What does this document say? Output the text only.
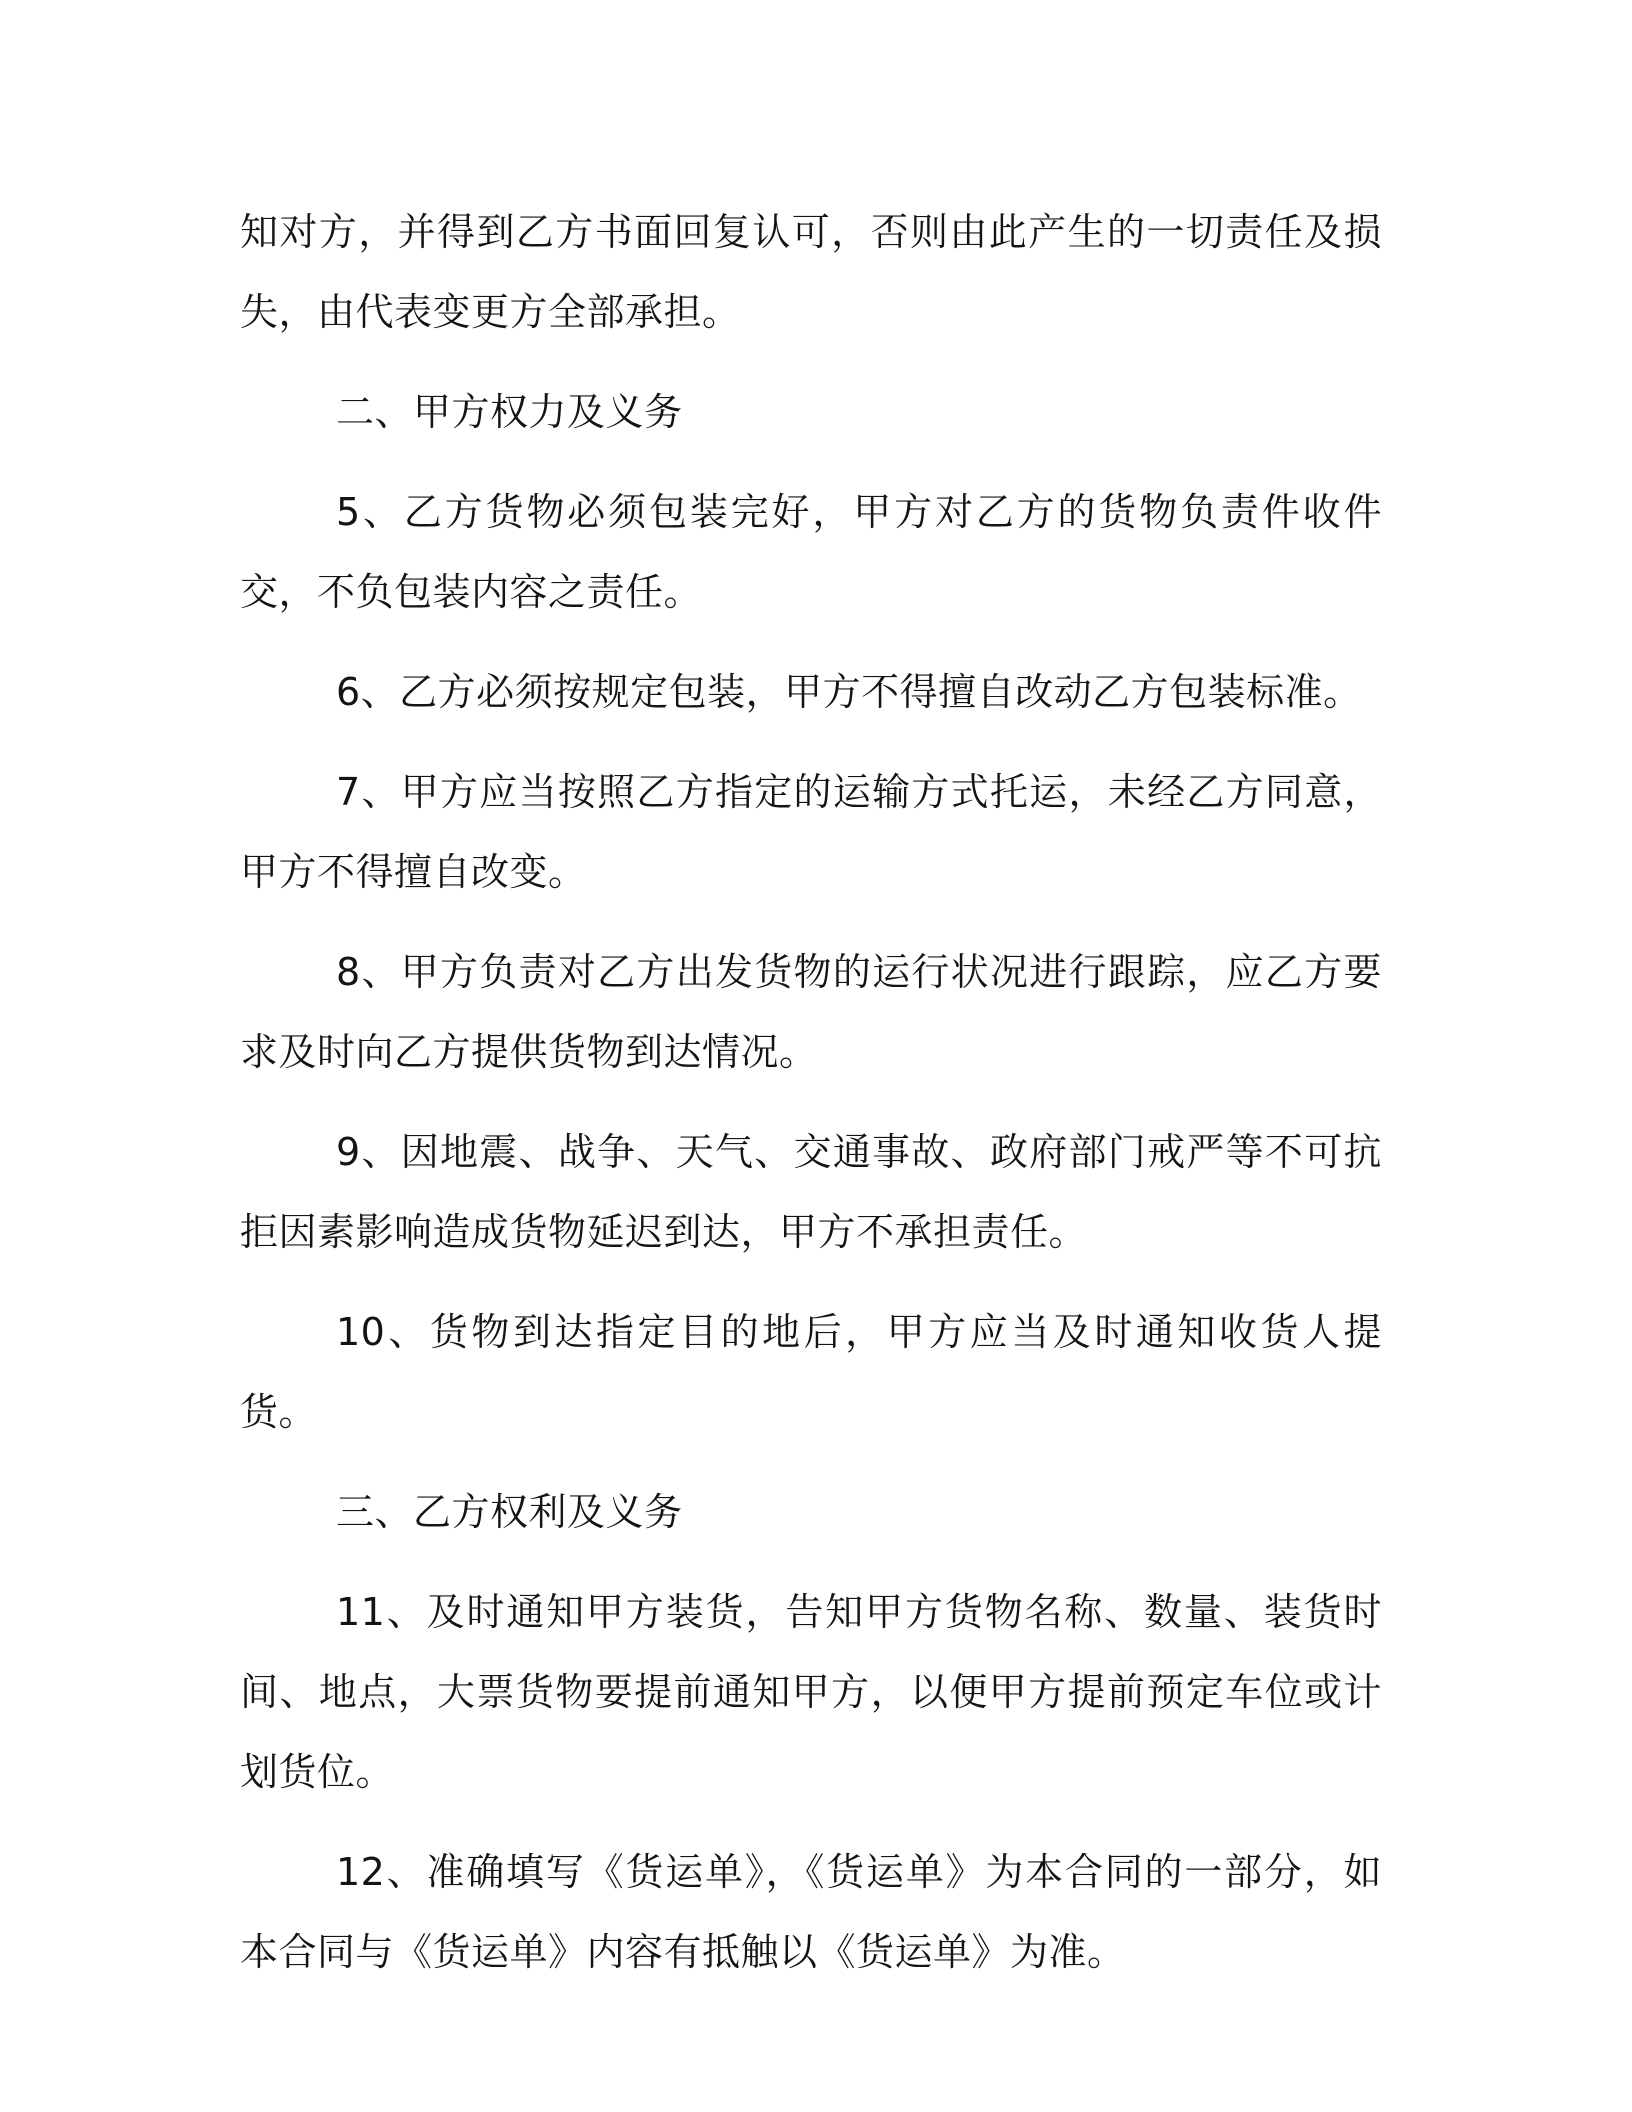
知对方，并得到乙方书面回复认可，否则由此产生的一切责任及损失，由代表变更方全部承担。

二、甲方权力及义务

5、乙方货物必须包装完好，甲方对乙方的货物负责件收件交，不负包装内容之责任。

6、乙方必须按规定包装，甲方不得擅自改动乙方包装标准。

7、甲方应当按照乙方指定的运输方式托运，未经乙方同意，甲方不得擅自改变。

8、甲方负责对乙方出发货物的运行状况进行跟踪，应乙方要求及时向乙方提供货物到达情况。

9、因地震、战争、天气、交通事故、政府部门戒严等不可抗拒因素影响造成货物延迟到达，甲方不承担责任。

10、货物到达指定目的地后，甲方应当及时通知收货人提货。

三、乙方权利及义务

11、及时通知甲方装货，告知甲方货物名称、数量、装货时间、地点，大票货物要提前通知甲方，以便甲方提前预定车位或计划货位。

12、准确填写《货运单》，《货运单》为本合同的一部分，如本合同与《货运单》内容有抵触以《货运单》为准。
